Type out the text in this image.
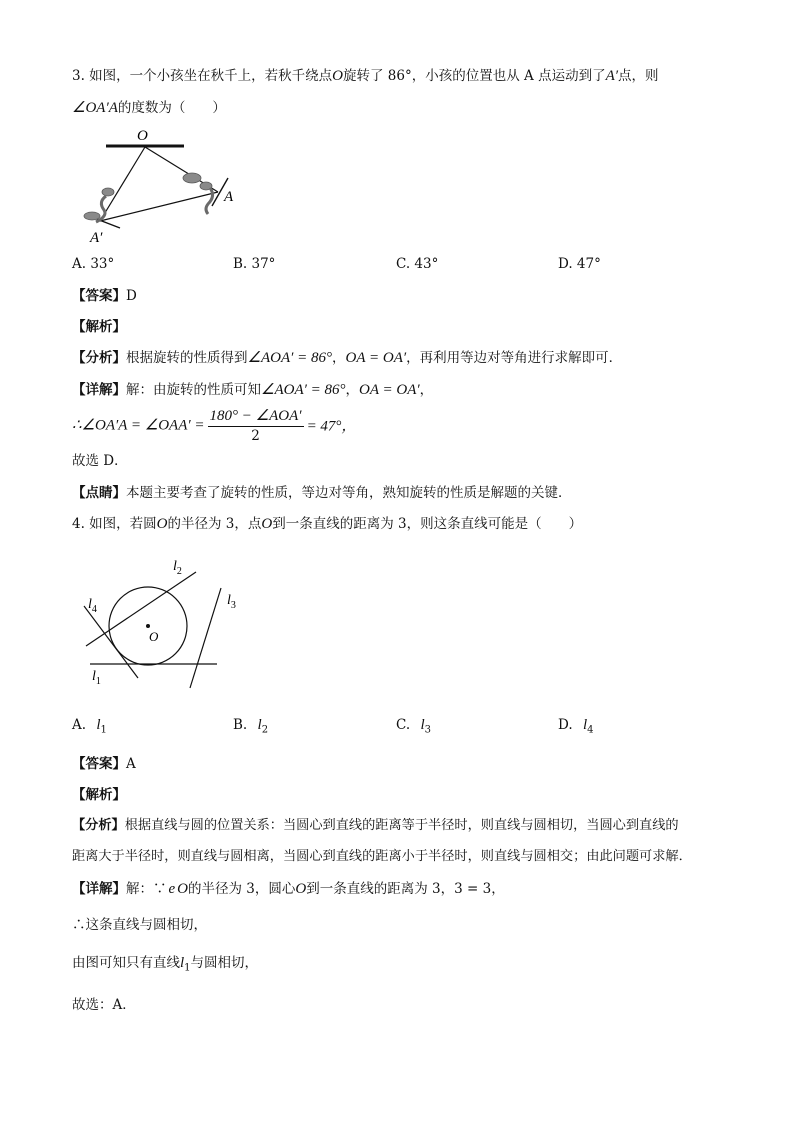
3. 如图，一个小孩坐在秋千上，若秋千绕点O旋转了 86°，小孩的位置也从 A 点运动到了A′点，则
∠OA′A的度数为（　　）
O
A
A′
A. 33°	B. 37°	C. 43°	D. 47°
【答案】D
【解析】
【分析】根据旋转的性质得到∠AOA′ = 86°，OA = OA′，再利用等边对等角进行求解即可．
【详解】解：由旋转的性质可知∠AOA′ = 86°，OA = OA′，
∴∠OA′A = ∠OAA′ = $\frac{\text{180° − ∠AOA′}}{2} = 47^\circ$，
故选 D．
【点睛】本题主要考查了旋转的性质，等边对等角，熟知旋转的性质是解题的关键．
4. 如图，若圆O的半径为 3，点O到一条直线的距离为 3，则这条直线可能是（　　）
O
$l_1$
$l_2$
$l_3$
$l_4$
A. $l_1$	B. $l_2$	C. $l_3$	D. $l_4$
【答案】A
【解析】
【分析】根据直线与圆的位置关系：当圆心到直线的距离等于半径时，则直线与圆相切，当圆心到直线的
距离大于半径时，则直线与圆相离，当圆心到直线的距离小于半径时，则直线与圆相交；由此问题可求解．
【详解】解：∵ e O的半径为 3，圆心O到一条直线的距离为 3，3 = 3，
∴这条直线与圆相切，
由图可知只有直线$l_1$与圆相切，
故选：A．
